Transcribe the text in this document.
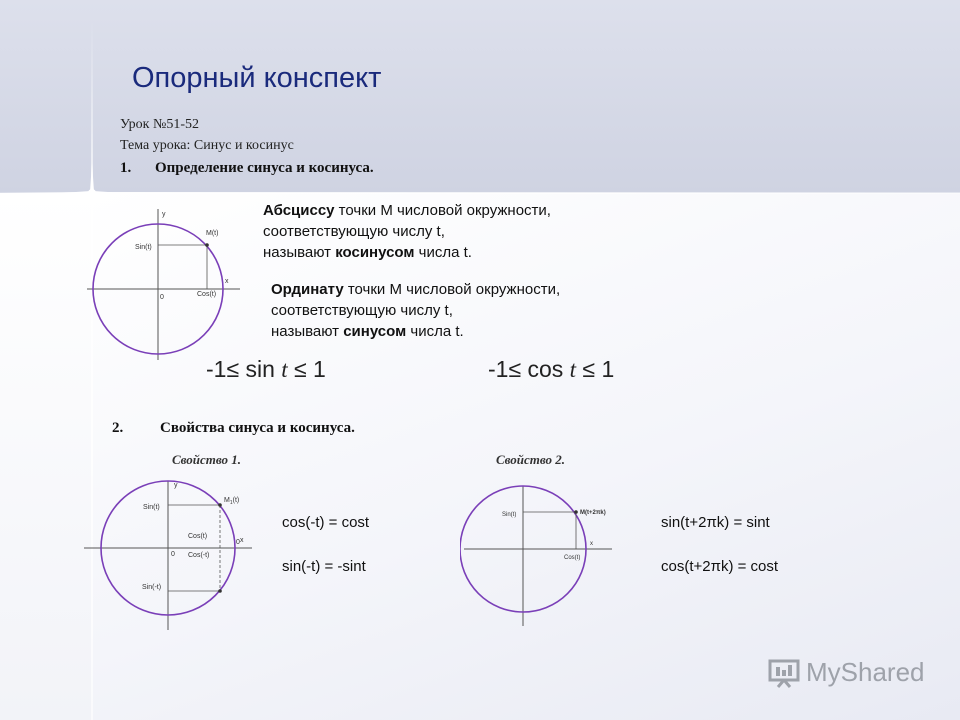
Опорный конспект
Урок №51-52
Тема урока: Синус и косинус
1. Определение синуса и косинуса.
y
x
0
M(t)
Sin(t)
Cos(t)
Абсциссу точки М числовой окружности,
соответствующую числу t,
называют косинусом числа t.
Ординату точки М числовой окружности,
соответствующую числу t,
называют синусом числа t.
-1≤ sin t ≤ 1	-1≤ cos t ≤ 1
2. Свойства синуса и косинуса.
Свойство 1.	Свойство 2.
y
x
$M_1(t)$
Sin(t)
Cos(t)
Cos(-t)
0
0
Sin(-t)
cos(-t) = cost
sin(-t) = -sint
M(t+2πk)
Sin(t)
Cos(t)
x
sin(t+2πk) = sint
cos(t+2πk) = cost
MyShared
